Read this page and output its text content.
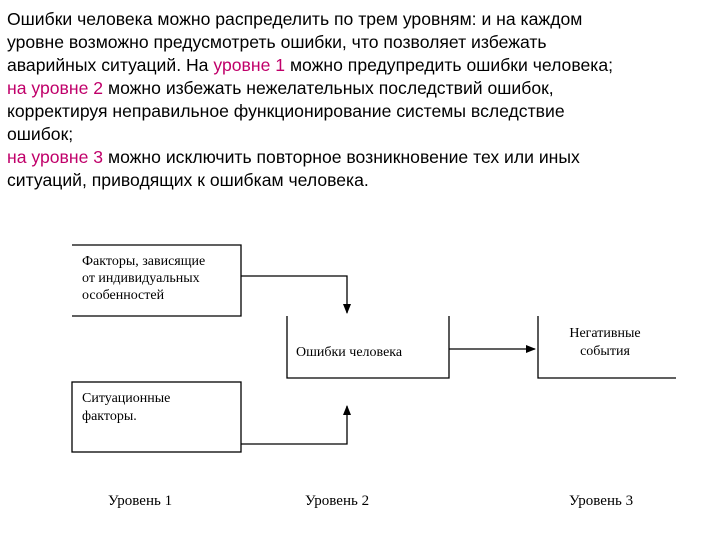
Ошибки человека можно распределить по трем уровням: и на каждом
уровне возможно предусмотреть ошибки, что позволяет избежать
аварийных ситуаций. На уровне 1 можно предупредить ошибки человека;
на уровне 2 можно избежать нежелательных последствий ошибок,
корректируя неправильное функционирование системы вследствие
ошибок;
на уровне 3 можно исключить повторное возникновение тех или иных
ситуаций, приводящих к ошибкам человека.
Факторы, зависящие
от индивидуальных
особенностей
Ситуационные
факторы.
Ошибки человека
Негативные
события
Уровень 1	Уровень 2	Уровень 3
